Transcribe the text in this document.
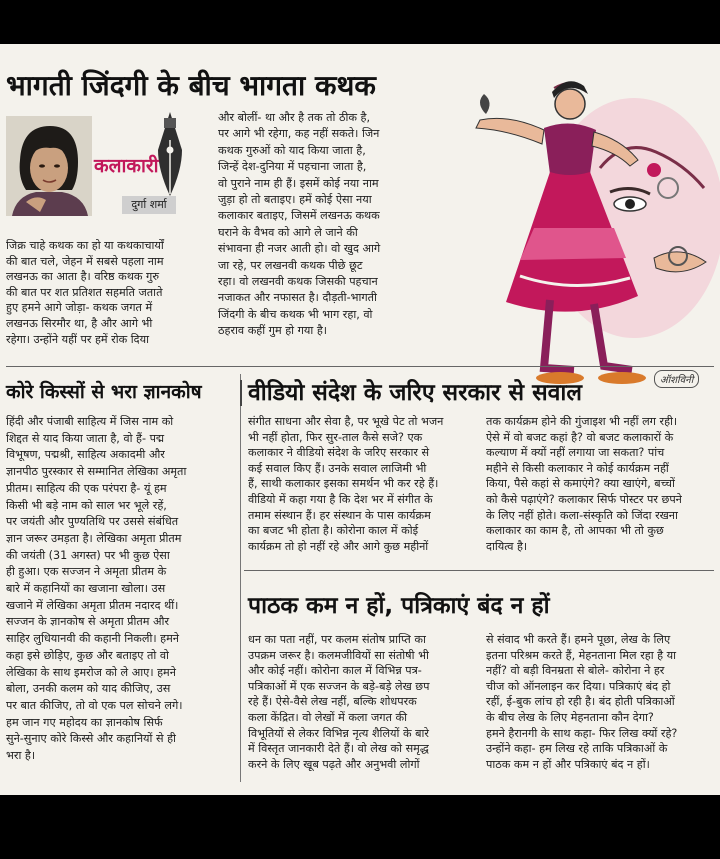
भागती जिंदगी के बीच भागता कथक
कलाकारी
दुर्गा शर्मा
जिक्र चाहे कथक का हो या कथकाचार्यों
की बात चले, जेहन में सबसे पहला नाम
लखनऊ का आता है। वरिष्ठ कथक गुरु
की बात पर शत प्रतिशत सहमति जताते
हुए हमने आगे जोड़ा- कथक जगत में
लखनऊ सिरमौर था, है और आगे भी
रहेगा। उन्होंने यहीं पर हमें रोक दिया
और बोलीं- था और है तक तो ठीक है,
पर आगे भी रहेगा, कह नहीं सकते। जिन
कथक गुरुओं को याद किया जाता है,
जिन्हें देश-दुनिया में पहचाना जाता है,
वो पुराने नाम ही हैं। इसमें कोई नया नाम
जुड़ा हो तो बताइए। हमें कोई ऐसा नया
कलाकार बताइए, जिसमें लखनऊ कथक
घराने के वैभव को आगे ले जाने की
संभावना ही नजर आती हो। वो खुद आगे
जा रहे, पर लखनवी कथक पीछे छूट
रहा। वो लखनवी कथक जिसकी पहचान
नजाकत और नफासत है। दौड़ती-भागती
जिंदगी के बीच कथक भी भाग रहा, वो
ठहराव कहीं गुम हो गया है।
ऑशविनी
कोरे किस्सों से भरा ज्ञानकोष
हिंदी और पंजाबी साहित्य में जिस नाम को
शिद्दत से याद किया जाता है, वो हैं- पद्म
विभूषण, पद्मश्री, साहित्य अकादमी और
ज्ञानपीठ पुरस्कार से सम्मानित लेखिका अमृता
प्रीतम। साहित्य की एक परंपरा है- यूं हम
किसी भी बड़े नाम को साल भर भूले रहें,
पर जयंती और पुण्यतिथि पर उससे संबंधित
ज्ञान जरूर उमड़ता है। लेखिका अमृता प्रीतम
की जयंती (31 अगस्त) पर भी कुछ ऐसा
ही हुआ। एक सज्जन ने अमृता प्रीतम के
बारे में कहानियों का खजाना खोला। उस
खजाने में लेखिका अमृता प्रीतम नदारद थीं।
सज्जन के ज्ञानकोष से अमृता प्रीतम और
साहिर लुधियानवी की कहानी निकली। हमने
कहा इसे छोड़िए, कुछ और बताइए तो वो
लेखिका के साथ इमरोज को ले आए। हमने
बोला, उनकी कलम को याद कीजिए, उस
पर बात कीजिए, तो वो एक पल सोचने लगे।
हम जान गए महोदय का ज्ञानकोष सिर्फ
सुने-सुनाए कोरे किस्से और कहानियों से ही
भरा है।
वीडियो संदेश के जरिए सरकार से सवाल
संगीत साधना और सेवा है, पर भूखे पेट तो भजन
भी नहीं होता, फिर सुर-ताल कैसे सजे? एक
कलाकार ने वीडियो संदेश के जरिए सरकार से
कई सवाल किए हैं। उनके सवाल लाजिमी भी
हैं, साथी कलाकार इसका समर्थन भी कर रहे हैं।
वीडियो में कहा गया है कि देश भर में संगीत के
तमाम संस्थान हैं। हर संस्थान के पास कार्यक्रम
का बजट भी होता है। कोरोना काल में कोई
कार्यक्रम तो हो नहीं रहे और आगे कुछ महीनों
तक कार्यक्रम होने की गुंजाइश भी नहीं लग रही।
ऐसे में वो बजट कहां है? वो बजट कलाकारों के
कल्याण में क्यों नहीं लगाया जा सकता? पांच
महीने से किसी कलाकार ने कोई कार्यक्रम नहीं
किया, पैसे कहां से कमाएंगे? क्या खाएंगे, बच्चों
को कैसे पढ़ाएंगे? कलाकार सिर्फ पोस्टर पर छपने
के लिए नहीं होते। कला-संस्कृति को जिंदा रखना
कलाकार का काम है, तो आपका भी तो कुछ
दायित्व है।
पाठक कम न हों, पत्रिकाएं बंद न हों
धन का पता नहीं, पर कलम संतोष प्राप्ति का
उपक्रम जरूर है। कलमजीवियों सा संतोषी भी
और कोई नहीं। कोरोना काल में विभिन्न पत्र-
पत्रिकाओं में एक सज्जन के बड़े-बड़े लेख छप
रहे हैं। ऐसे-वैसे लेख नहीं, बल्कि शोधपरक
कला केंद्रित। वो लेखों में कला जगत की
विभूतियों से लेकर विभिन्न नृत्य शैलियों के बारे
में विस्तृत जानकारी देते हैं। वो लेख को समृद्ध
करने के लिए खूब पढ़ते और अनुभवी लोगों
से संवाद भी करते हैं। हमने पूछा, लेख के लिए
इतना परिश्रम करते हैं, मेहनताना मिल रहा है या
नहीं? वो बड़ी विनम्रता से बोले- कोरोना ने हर
चीज को ऑनलाइन कर दिया। पत्रिकाएं बंद हो
रहीं, ई-बुक लांच हो रही है। बंद होती पत्रिकाओं
के बीच लेख के लिए मेहनताना कौन देगा?
हमने हैरानगी के साथ कहा- फिर लिख क्यों रहे?
उन्होंने कहा- हम लिख रहे ताकि पत्रिकाओं के
पाठक कम न हों और पत्रिकाएं बंद न हों।
